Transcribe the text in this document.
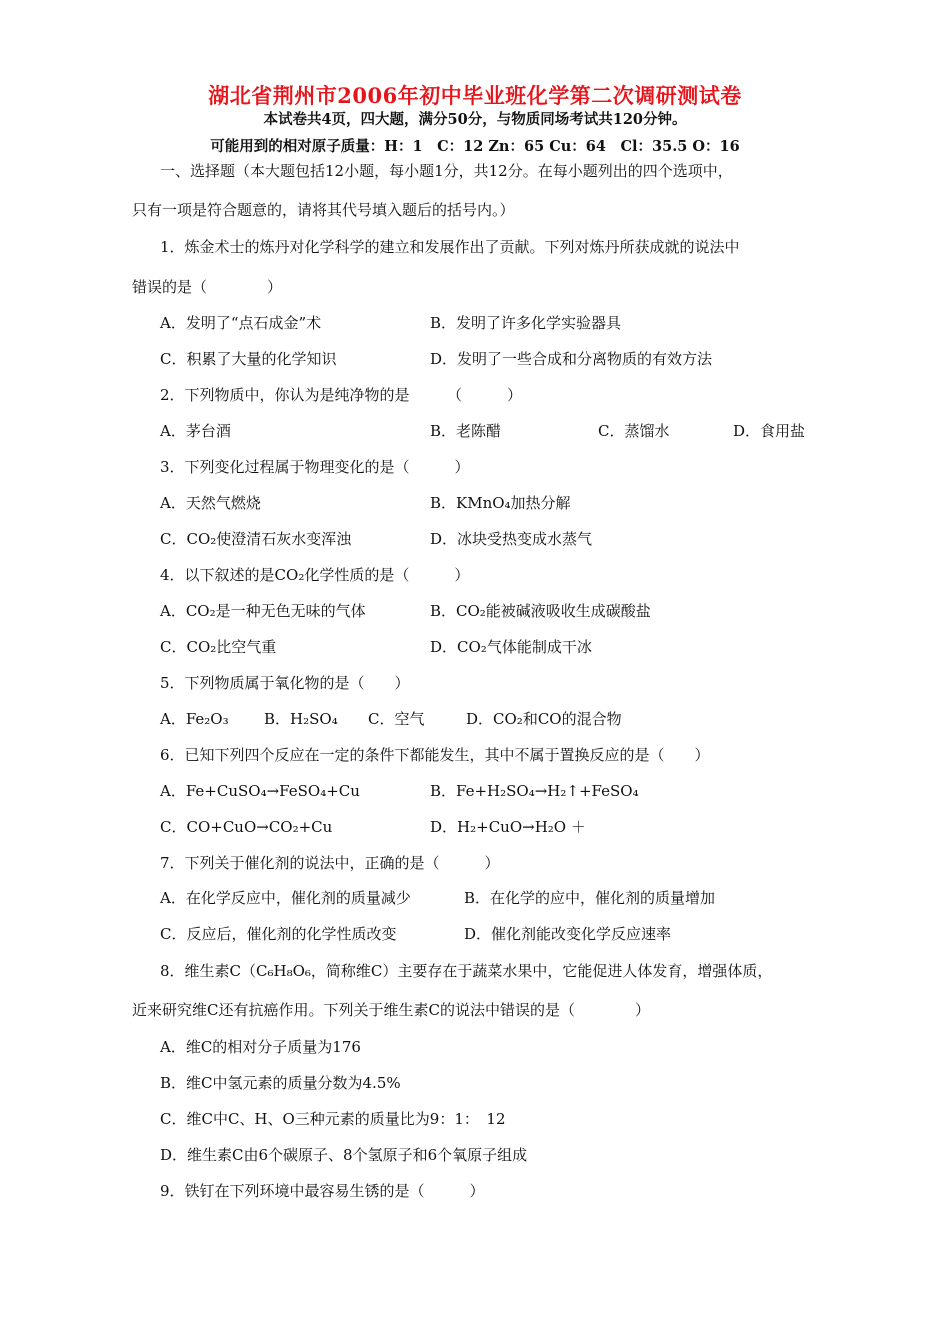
湖北省荆州市2006年初中毕业班化学第二次调研测试卷
本试卷共4页，四大题，满分50分，与物质同场考试共120分钟。
可能用到的相对原子质量：H：1　C：12 Zn：65 Cu：64　Cl：35.5 O：16
一、选择题（本大题包括12小题，每小题1分，共12分。在每小题列出的四个选项中，
只有一项是符合题意的，请将其代号填入题后的括号内。）
1．炼金术士的炼丹对化学科学的建立和发展作出了贡献。下列对炼丹所获成就的说法中
错误的是（　　　　）
A．发明了“点石成金”术	B．发明了许多化学实验器具
C．积累了大量的化学知识	D．发明了一些合成和分离物质的有效方法
2．下列物质中，你认为是纯净物的是　　　（　　　）
A．茅台酒	B．老陈醋	C．蒸馏水	D．食用盐
3．下列变化过程属于物理变化的是（　　　）
A．天然气燃烧	B．KMnO₄加热分解
C．CO₂使澄清石灰水变浑浊	D．冰块受热变成水蒸气
4．以下叙述的是CO₂化学性质的是（　　　）
A．CO₂是一种无色无味的气体	B．CO₂能被碱液吸收生成碳酸盐
C．CO₂比空气重	D．CO₂气体能制成干冰
5．下列物质属于氧化物的是（　　）
A．Fe₂O₃ B．H₂SO₄ C．空气	D．CO₂和CO的混合物
6．已知下列四个反应在一定的条件下都能发生，其中不属于置换反应的是（　　）
A．Fe+CuSO₄→FeSO₄+Cu	B．Fe+H₂SO₄→H₂↑+FeSO₄
C．CO+CuO→CO₂+Cu	D．H₂+CuO→H₂O ＋
7．下列关于催化剂的说法中，正确的是（　　　）
A．在化学反应中，催化剂的质量减少	B．在化学的应中，催化剂的质量增加
C．反应后，催化剂的化学性质改变	D．催化剂能改变化学反应速率
8．维生素C（C₆H₈O₆，简称维C）主要存在于蔬菜水果中，它能促进人体发育，增强体质，
近来研究维C还有抗癌作用。下列关于维生素C的说法中错误的是（　　　　）
A．维C的相对分子质量为176
B．维C中氢元素的质量分数为4.5%
C．维C中C、H、O三种元素的质量比为9：1：　12
D．维生素C由6个碳原子、8个氢原子和6个氧原子组成
9．铁钉在下列环境中最容易生锈的是（　　　）
